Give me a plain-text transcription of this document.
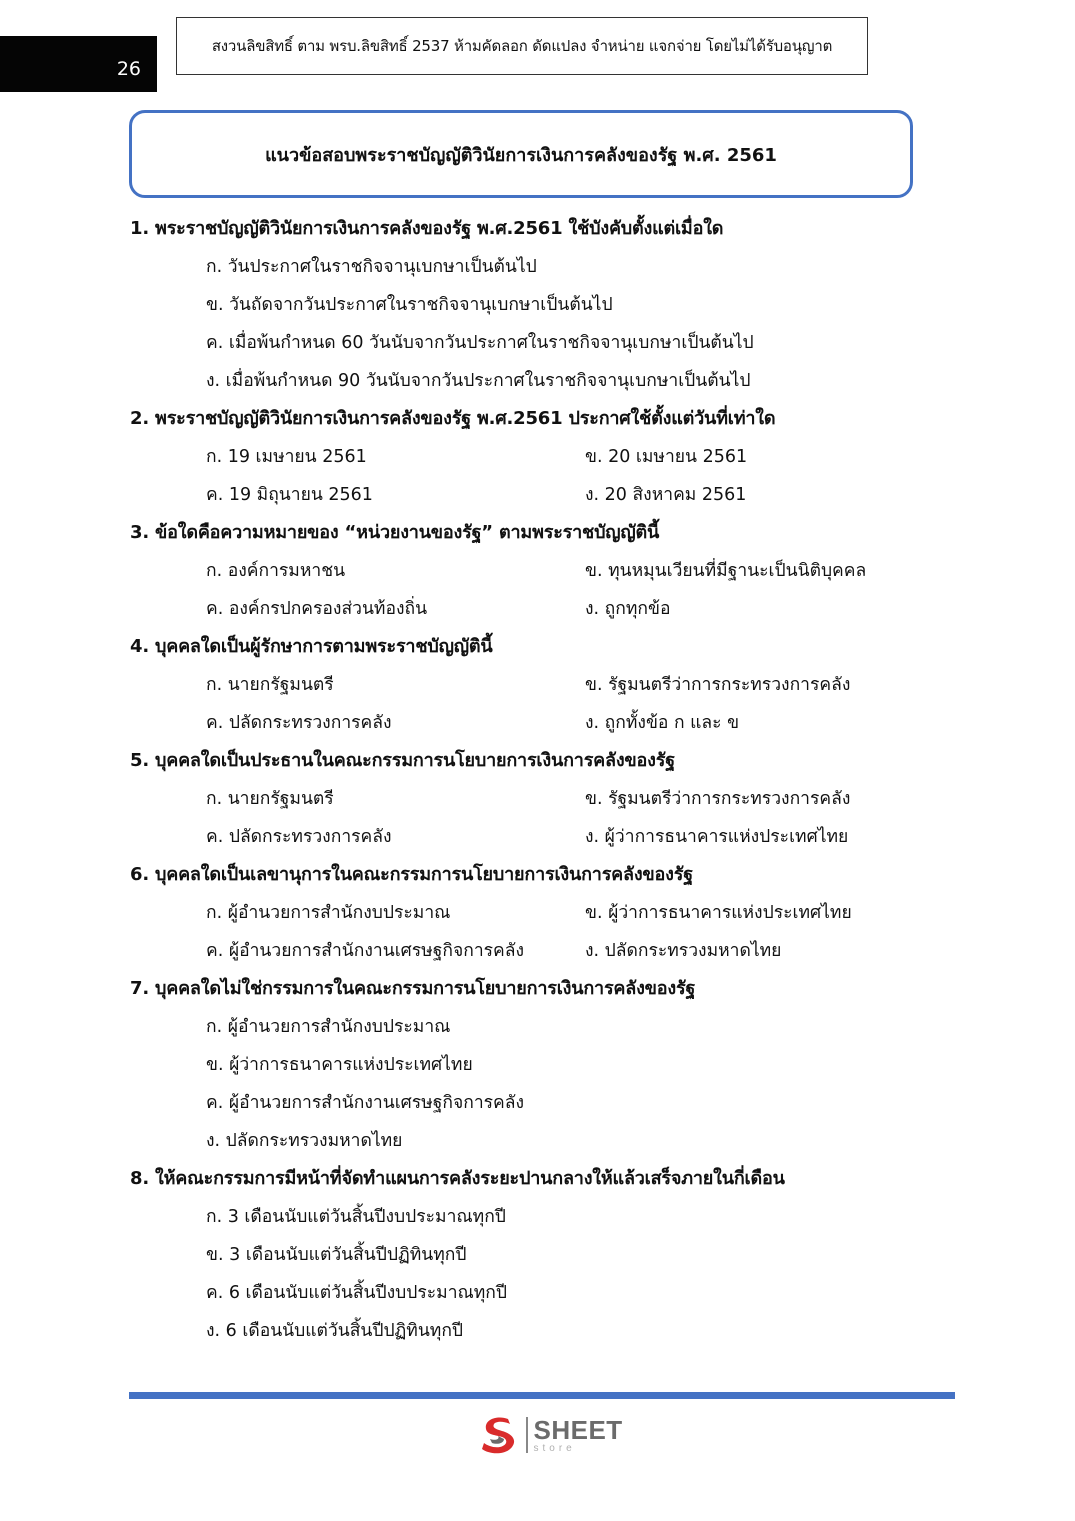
26
สงวนลิขสิทธิ์ ตาม พรบ.ลิขสิทธิ์ 2537 ห้ามคัดลอก ดัดแปลง จำหน่าย แจกจ่าย โดยไม่ได้รับอนุญาต
แนวข้อสอบพระราชบัญญัติวินัยการเงินการคลังของรัฐ พ.ศ. 2561
1. พระราชบัญญัติวินัยการเงินการคลังของรัฐ พ.ศ.2561 ใช้บังคับตั้งแต่เมื่อใด
ก. วันประกาศในราชกิจจานุเบกษาเป็นต้นไป
ข. วันถัดจากวันประกาศในราชกิจจานุเบกษาเป็นต้นไป
ค. เมื่อพ้นกำหนด 60 วันนับจากวันประกาศในราชกิจจานุเบกษาเป็นต้นไป
ง. เมื่อพ้นกำหนด 90 วันนับจากวันประกาศในราชกิจจานุเบกษาเป็นต้นไป
2. พระราชบัญญัติวินัยการเงินการคลังของรัฐ พ.ศ.2561 ประกาศใช้ตั้งแต่วันที่เท่าใด
ก. 19 เมษายน 2561	ข. 20 เมษายน 2561
ค. 19 มิถุนายน 2561	ง. 20 สิงหาคม 2561
3. ข้อใดคือความหมายของ “หน่วยงานของรัฐ” ตามพระราชบัญญัตินี้
ก. องค์การมหาชน	ข. ทุนหมุนเวียนที่มีฐานะเป็นนิติบุคคล
ค. องค์กรปกครองส่วนท้องถิ่น	ง. ถูกทุกข้อ
4. บุคคลใดเป็นผู้รักษาการตามพระราชบัญญัตินี้
ก. นายกรัฐมนตรี	ข. รัฐมนตรีว่าการกระทรวงการคลัง
ค. ปลัดกระทรวงการคลัง	ง. ถูกทั้งข้อ ก และ ข
5. บุคคลใดเป็นประธานในคณะกรรมการนโยบายการเงินการคลังของรัฐ
ก. นายกรัฐมนตรี	ข. รัฐมนตรีว่าการกระทรวงการคลัง
ค. ปลัดกระทรวงการคลัง	ง. ผู้ว่าการธนาคารแห่งประเทศไทย
6. บุคคลใดเป็นเลขานุการในคณะกรรมการนโยบายการเงินการคลังของรัฐ
ก. ผู้อำนวยการสำนักงบประมาณ	ข. ผู้ว่าการธนาคารแห่งประเทศไทย
ค. ผู้อำนวยการสำนักงานเศรษฐกิจการคลัง	ง. ปลัดกระทรวงมหาดไทย
7. บุคคลใดไม่ใช่กรรมการในคณะกรรมการนโยบายการเงินการคลังของรัฐ
ก. ผู้อำนวยการสำนักงบประมาณ
ข. ผู้ว่าการธนาคารแห่งประเทศไทย
ค. ผู้อำนวยการสำนักงานเศรษฐกิจการคลัง
ง. ปลัดกระทรวงมหาดไทย
8. ให้คณะกรรมการมีหน้าที่จัดทำแผนการคลังระยะปานกลางให้แล้วเสร็จภายในกี่เดือน
ก. 3 เดือนนับแต่วันสิ้นปีงบประมาณทุกปี
ข. 3 เดือนนับแต่วันสิ้นปีปฏิทินทุกปี
ค. 6 เดือนนับแต่วันสิ้นปีงบประมาณทุกปี
ง. 6 เดือนนับแต่วันสิ้นปีปฏิทินทุกปี
SHEET
store
